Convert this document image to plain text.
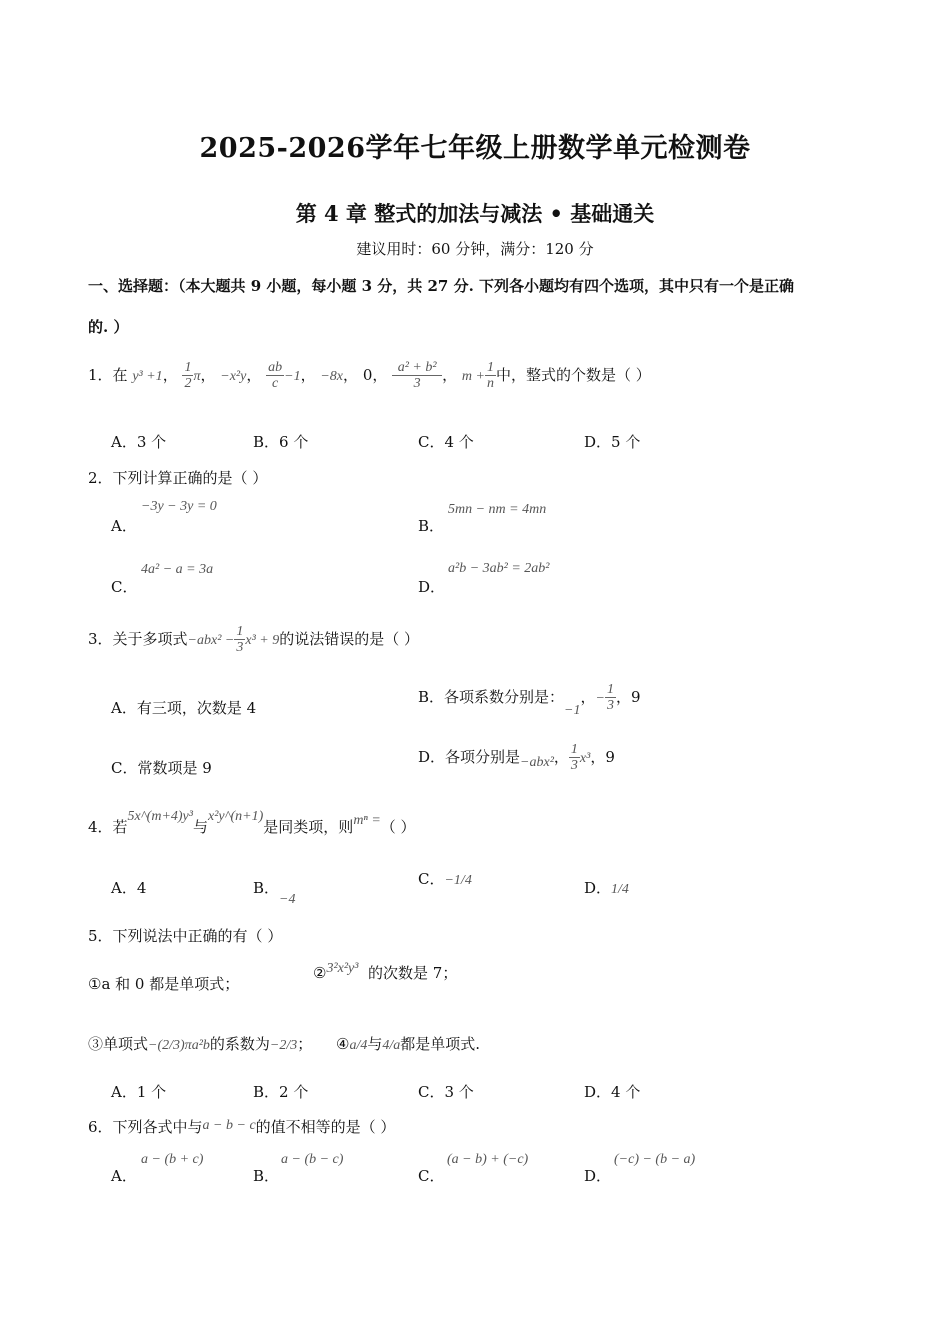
2025-2026学年七年级上册数学单元检测卷
第 4 章 整式的加法与减法 • 基础通关
建议用时：60 分钟，满分：120 分
一、选择题：（本大题共 9 小题，每小题 3 分，共 27 分. 下列各小题均有四个选项，其中只有一个是正确
的. ）
1．在 y³ +1， $\frac{1}{2}$ π， −x²y， $\frac{ab}{c} -1$， −8x， 0， $\frac{\text{a² + b²}}{3}$ ， $m + \frac{1}{n}$ 中，整式的个数是（ ）
A．3 个	B．6 个	C．4 个	D．5 个
2．下列计算正确的是（ ）
A．
−3y − 3y = 0
B．
5mn − nm = 4mn
C．
4a² − a = 3a
D．
a²b − 3ab² = 2ab²
3．关于多项式$-abx^2 - \frac{1}{3} x^3 + 9$的说法错误的是（ ）
A．有三项，次数是 4
B．各项系数分别是：−1，− $\frac{1}{3}$ ，9
C．常数项是 9
D．各项分别是−abx²， $\frac{1}{3} x^3$，9
4．若5x^(m+4)y³与x²y^(n+1)是同类项，则mⁿ =（ ）
A．4	B．−4
C．−1/4	D．1/4
5．下列说法中正确的有（ ）
①a 和 0 都是单项式；
②3²x²y³ 的次数是 7；
③单项式−(2/3)πa²b的系数为−2/3； ④a/4与4/a都是单项式.
A．1 个	B．2 个	C．3 个	D．4 个
6．下列各式中与a − b − c的值不相等的是（ ）
A．
a − (b + c)
B．
a − (b − c)
C．
(a − b) + (−c)
D．
(−c) − (b − a)
